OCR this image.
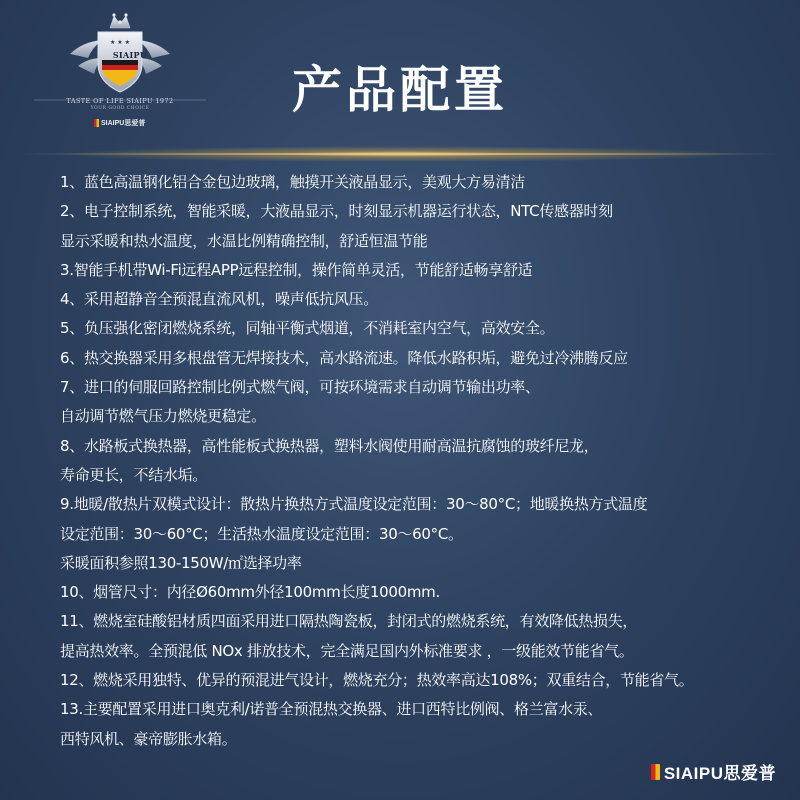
★ ★ ★
SIAIPU
TASTE OF LIFE SIAIPU 1972
YOUR GOOD CHOICE
SIAIPU思爱普
产品配置
1、蓝色高温钢化铝合金包边玻璃，触摸开关液晶显示，美观大方易清洁
2、电子控制系统，智能采暖，大液晶显示，时刻显示机器运行状态，NTC传感器时刻
显示采暖和热水温度，水温比例精确控制，舒适恒温节能
3.智能手机带Wi-Fi远程APP远程控制，操作简单灵活，节能舒适畅享舒适
4、采用超静音全预混直流风机，噪声低抗风压。
5、负压强化密闭燃烧系统，同轴平衡式烟道，不消耗室内空气，高效安全。
6、热交换器采用多根盘管无焊接技术，高水路流速。降低水路积垢，避免过冷沸腾反应
7、进口的伺服回路控制比例式燃气阀，可按环境需求自动调节输出功率、
自动调节燃气压力燃烧更稳定。
8、水路板式换热器，高性能板式换热器，塑料水阀使用耐高温抗腐蚀的玻纤尼龙，
寿命更长，不结水垢。
9.地暖/散热片双模式设计：散热片换热方式温度设定范围：30～80°C；地暖换热方式温度
设定范围：30～60°C；生活热水温度设定范围：30～60°C。
采暖面积参照130-150W/㎡选择功率
10、烟管尺寸：内径Ø60mm外径100mm长度1000mm.
11、燃烧室硅酸铝材质四面采用进口隔热陶瓷板，封闭式的燃烧系统，有效降低热损失，
提高热效率。全预混低 NOx 排放技术，完全满足国内外标准要求 ，一级能效节能省气。
12、燃烧采用独特、优异的预混进气设计，燃烧充分；热效率高达108%；双重结合，节能省气。
13.主要配置采用进口奥克利/诺普全预混热交换器、进口西特比例阀、格兰富水汞、
西特风机、豪帝膨胀水箱。
SIAIPU思爱普
